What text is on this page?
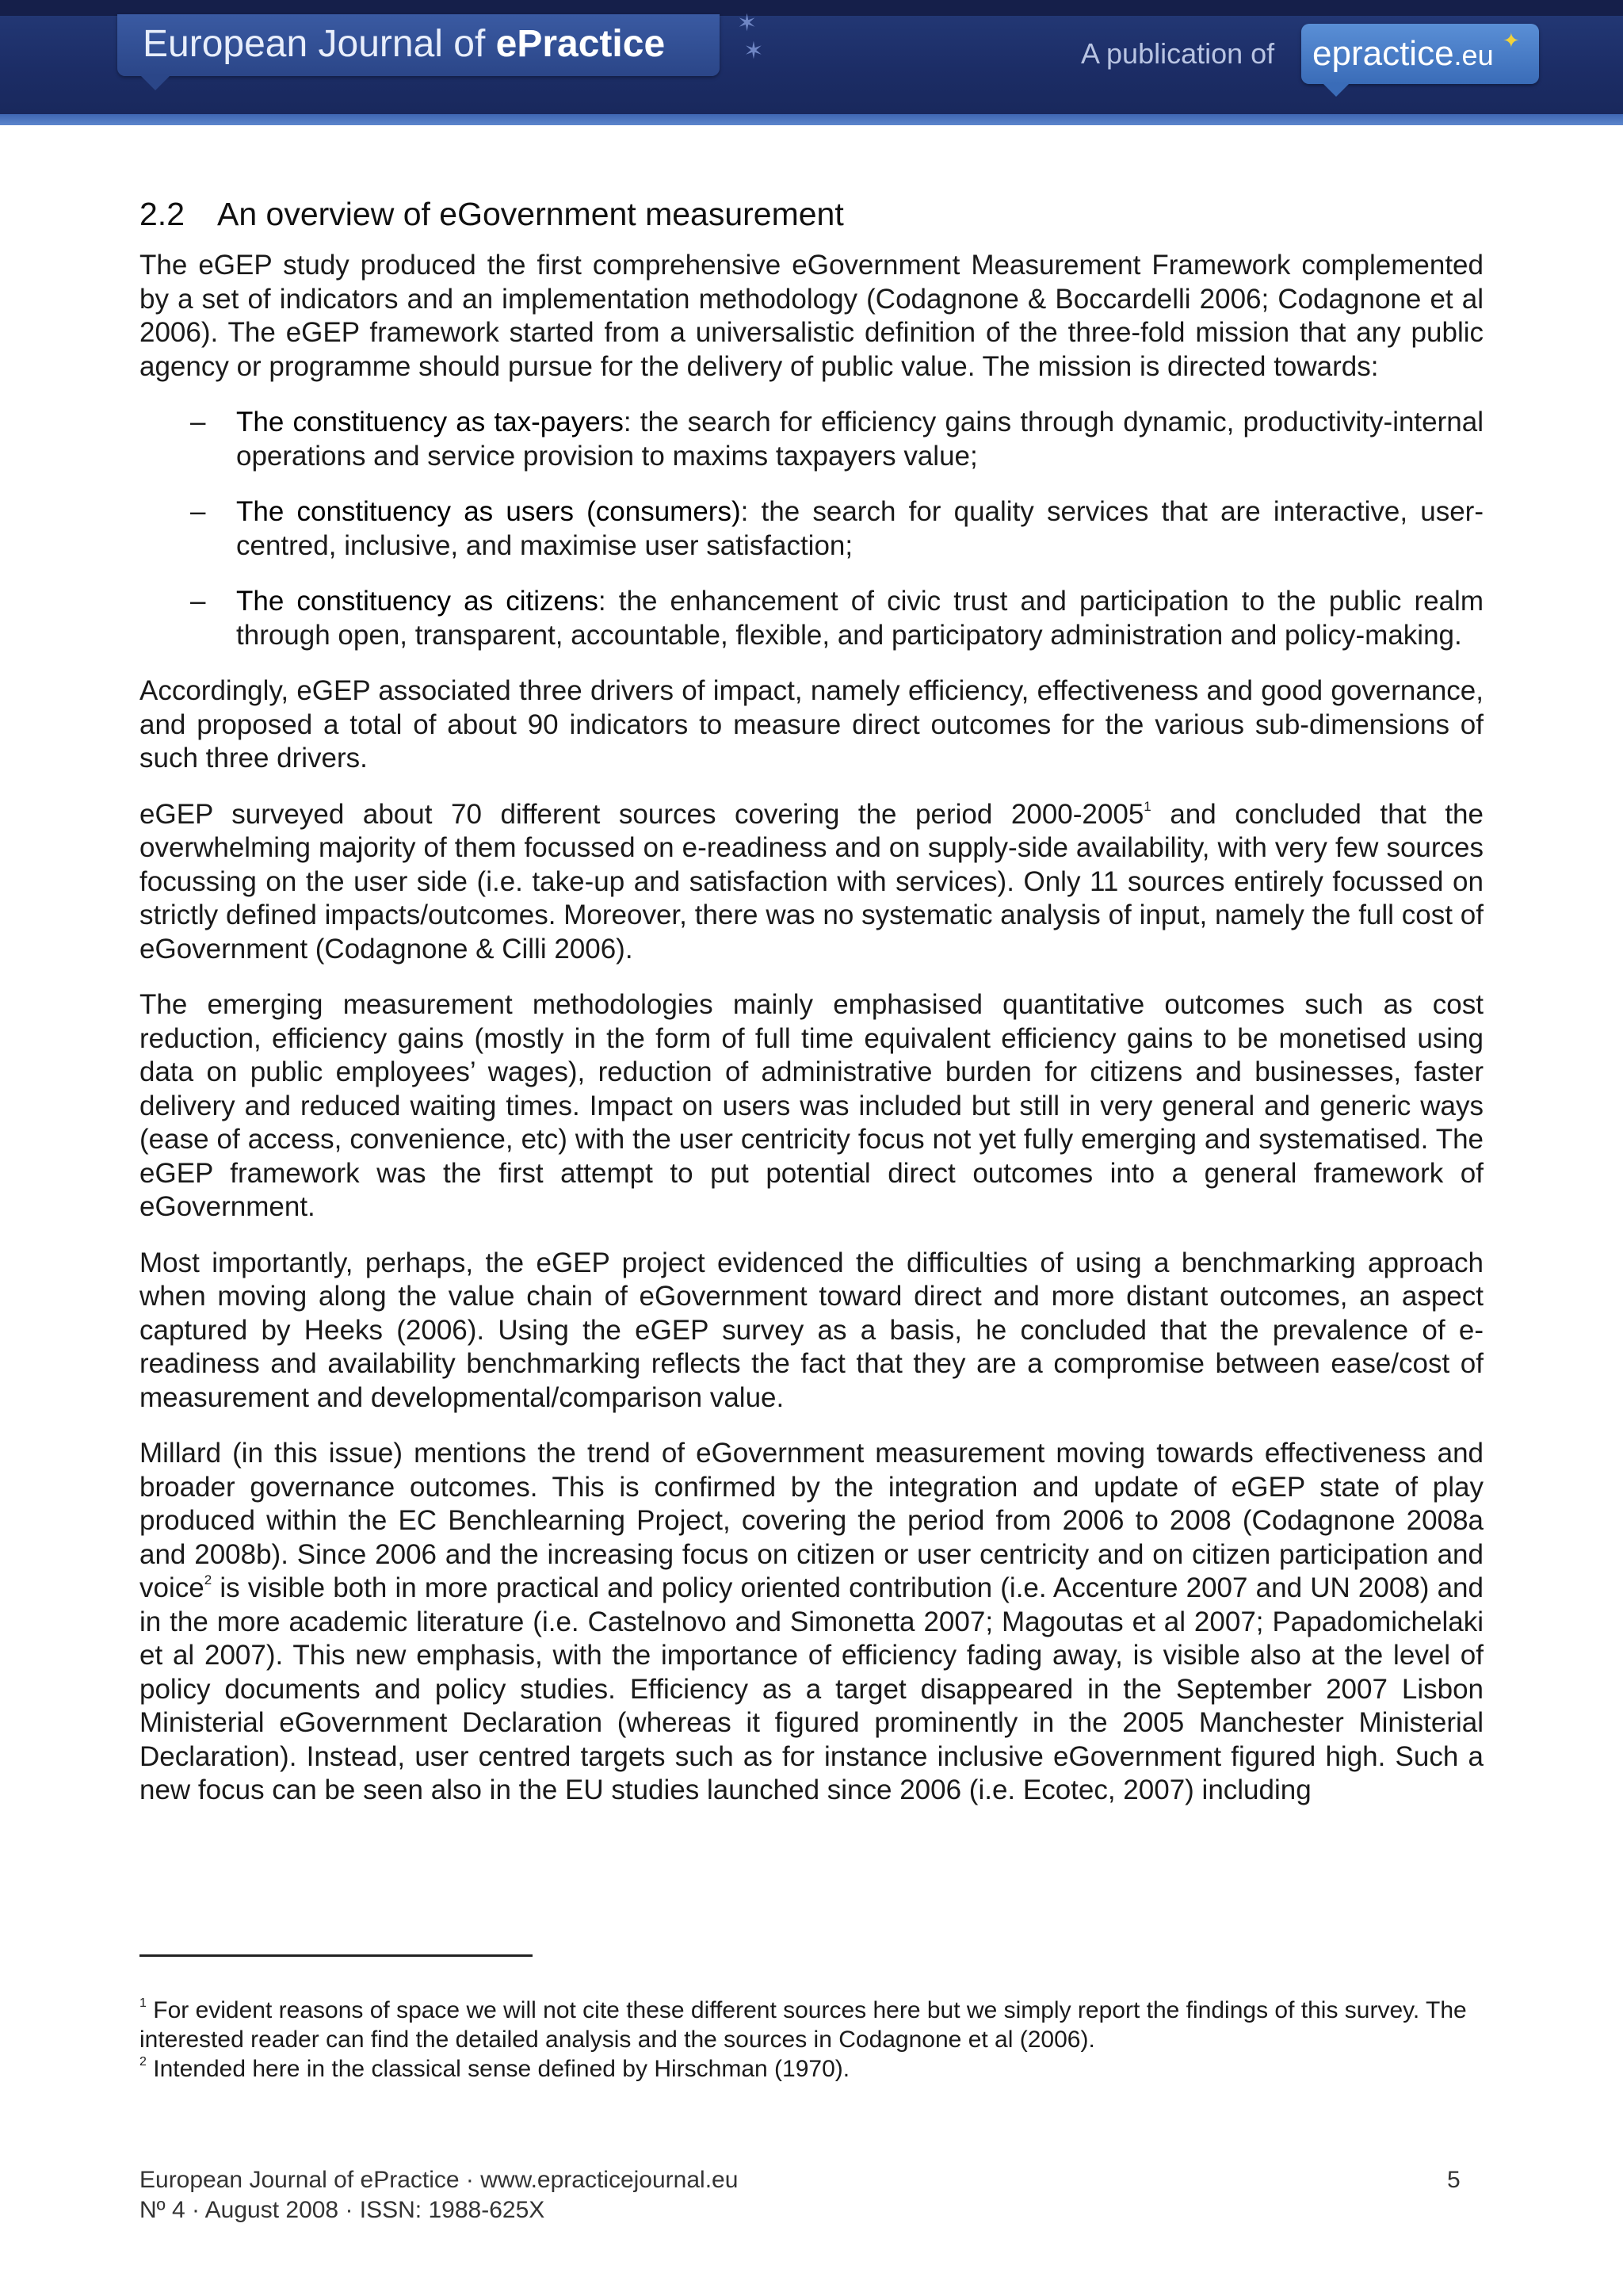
European Journal of ePractice	✶
✶	A publication of epractice.eu ✦
2.2 An overview of eGovernment measurement

The eGEP study produced the first comprehensive eGovernment Measurement Framework complemented by a set of indicators and an implementation methodology (Codagnone & Boccardelli 2006; Codagnone et al 2006). The eGEP framework started from a universalistic definition of the three-fold mission that any public agency or programme should pursue for the delivery of public value. The mission is directed towards:

– The constituency as tax-payers: the search for efficiency gains through dynamic, productivity-internal operations and service provision to maxims taxpayers value;
– The constituency as users (consumers): the search for quality services that are interactive, user-centred, inclusive, and maximise user satisfaction;
– The constituency as citizens: the enhancement of civic trust and participation to the public realm through open, transparent, accountable, flexible, and participatory administration and policy-making.

Accordingly, eGEP associated three drivers of impact, namely efficiency, effectiveness and good governance, and proposed a total of about 90 indicators to measure direct outcomes for the various sub-dimensions of such three drivers.

eGEP surveyed about 70 different sources covering the period 2000-2005$^1$ and concluded that the overwhelming majority of them focussed on e-readiness and on supply-side availability, with very few sources focussing on the user side (i.e. take-up and satisfaction with services). Only 11 sources entirely focussed on strictly defined impacts/outcomes. Moreover, there was no systematic analysis of input, namely the full cost of eGovernment (Codagnone & Cilli 2006).

The emerging measurement methodologies mainly emphasised quantitative outcomes such as cost reduction, efficiency gains (mostly in the form of full time equivalent efficiency gains to be monetised using data on public employees’ wages), reduction of administrative burden for citizens and businesses, faster delivery and reduced waiting times. Impact on users was included but still in very general and generic ways (ease of access, convenience, etc) with the user centricity focus not yet fully emerging and systematised. The eGEP framework was the first attempt to put potential direct outcomes into a general framework of eGovernment.

Most importantly, perhaps, the eGEP project evidenced the difficulties of using a benchmarking approach when moving along the value chain of eGovernment toward direct and more distant outcomes, an aspect captured by Heeks (2006). Using the eGEP survey as a basis, he concluded that the prevalence of e-readiness and availability benchmarking reflects the fact that they are a compromise between ease/cost of measurement and developmental/comparison value.

Millard (in this issue) mentions the trend of eGovernment measurement moving towards effectiveness and broader governance outcomes. This is confirmed by the integration and update of eGEP state of play produced within the EC Benchlearning Project, covering the period from 2006 to 2008 (Codagnone 2008a and 2008b). Since 2006 and the increasing focus on citizen or user centricity and on citizen participation and voice$^2$ is visible both in more practical and policy oriented contribution (i.e. Accenture 2007 and UN 2008) and in the more academic literature (i.e. Castelnovo and Simonetta 2007; Magoutas et al 2007; Papadomichelaki et al 2007). This new emphasis, with the importance of efficiency fading away, is visible also at the level of policy documents and policy studies. Efficiency as a target disappeared in the September 2007 Lisbon Ministerial eGovernment Declaration (whereas it figured prominently in the 2005 Manchester Ministerial Declaration). Instead, user centred targets such as for instance inclusive eGovernment figured high. Such a new focus can be seen also in the EU studies launched since 2006 (i.e. Ecotec, 2007) including

$^1$ For evident reasons of space we will not cite these different sources here but we simply report the findings of this survey. The interested reader can find the detailed analysis and the sources in Codagnone et al (2006).
$^2$ Intended here in the classical sense defined by Hirschman (1970).
European Journal of ePractice · www.epracticejournal.eu
Nº 4 · August 2008 · ISSN: 1988-625X
5
